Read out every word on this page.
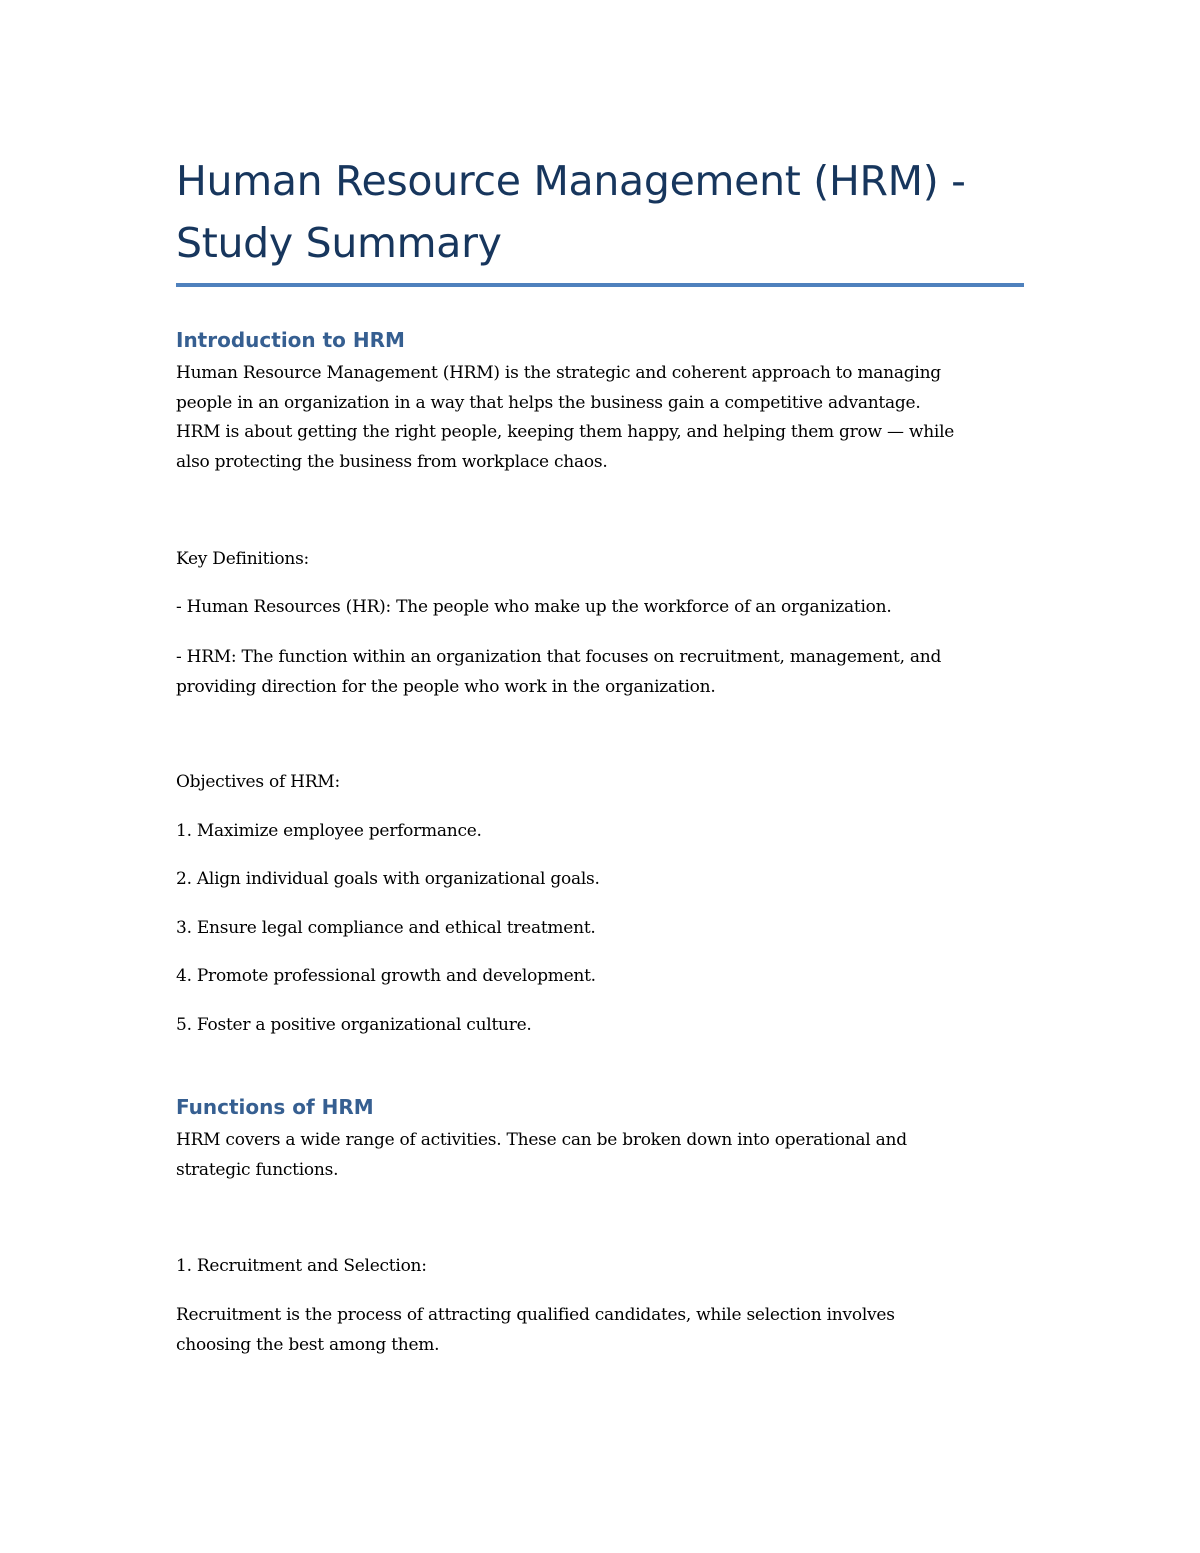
Human Resource Management (HRM) -
Study Summary
Introduction to HRM

Human Resource Management (HRM) is the strategic and coherent approach to managing
people in an organization in a way that helps the business gain a competitive advantage.
HRM is about getting the right people, keeping them happy, and helping them grow — while
also protecting the business from workplace chaos.

Key Definitions:

- Human Resources (HR): The people who make up the workforce of an organization.

- HRM: The function within an organization that focuses on recruitment, management, and
providing direction for the people who work in the organization.

Objectives of HRM:

1. Maximize employee performance.

2. Align individual goals with organizational goals.

3. Ensure legal compliance and ethical treatment.

4. Promote professional growth and development.

5. Foster a positive organizational culture.

Functions of HRM

HRM covers a wide range of activities. These can be broken down into operational and
strategic functions.

1. Recruitment and Selection:

Recruitment is the process of attracting qualified candidates, while selection involves
choosing the best among them.
